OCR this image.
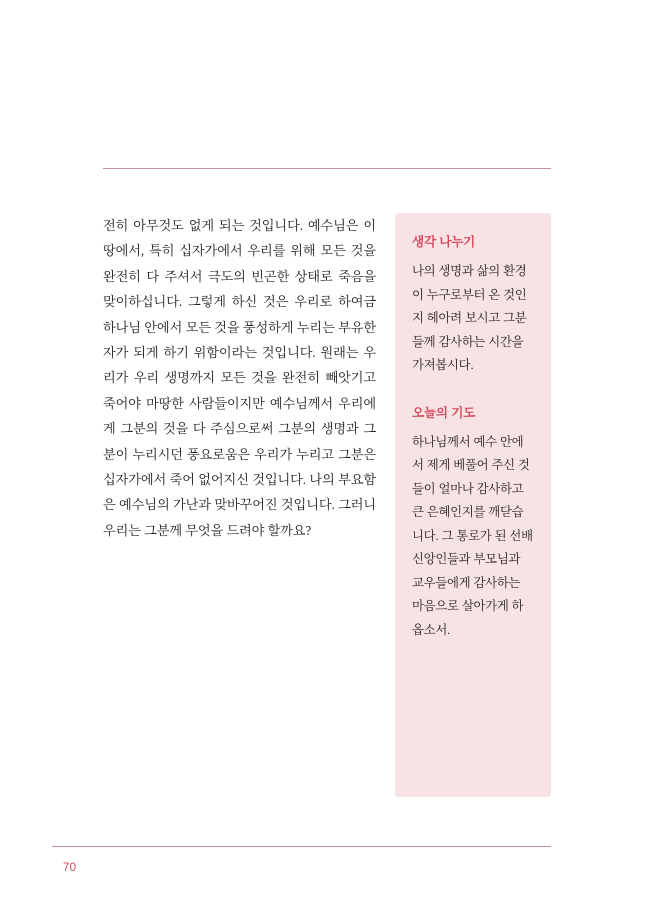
전히 아무것도 없게 되는 것입니다. 예수님은 이땅에서, 특히 십자가에서 우리를 위해 모든 것을 완전히 다 주셔서 극도의 빈곤한 상태로 죽음을 맞이하십니다. 그렇게 하신 것은 우리로 하여금 하나님 안에서 모든 것을 풍성하게 누리는 부유한 자가 되게 하기 위함이라는 것입니다. 원래는 우리가 우리 생명까지 모든 것을 완전히 빼앗기고 죽어야 마땅한 사람들이지만 예수님께서 우리에게 그분의 것을 다 주심으로써 그분의 생명과 그분이 누리시던 풍요로움은 우리가 누리고 그분은 십자가에서 죽어 없어지신 것입니다. 나의 부요함은 예수님의 가난과 맞바꾸어진 것입니다. 그러니 우리는 그분께 무엇을 드려야 할까요?
생각 나누기

나의 생명과 삶의 환경이 누구로부터 온 것인지 헤아려 보시고 그분들께 감사하는 시간을 가져봅시다.

오늘의 기도

하나님께서 예수 안에서 제게 베풀어 주신 것들이 얼마나 감사하고 큰 은혜인지를 깨닫습니다. 그 통로가 된 선배 신앙인들과 부모님과 교우들에게 감사하는 마음으로 살아가게 하옵소서.

70
